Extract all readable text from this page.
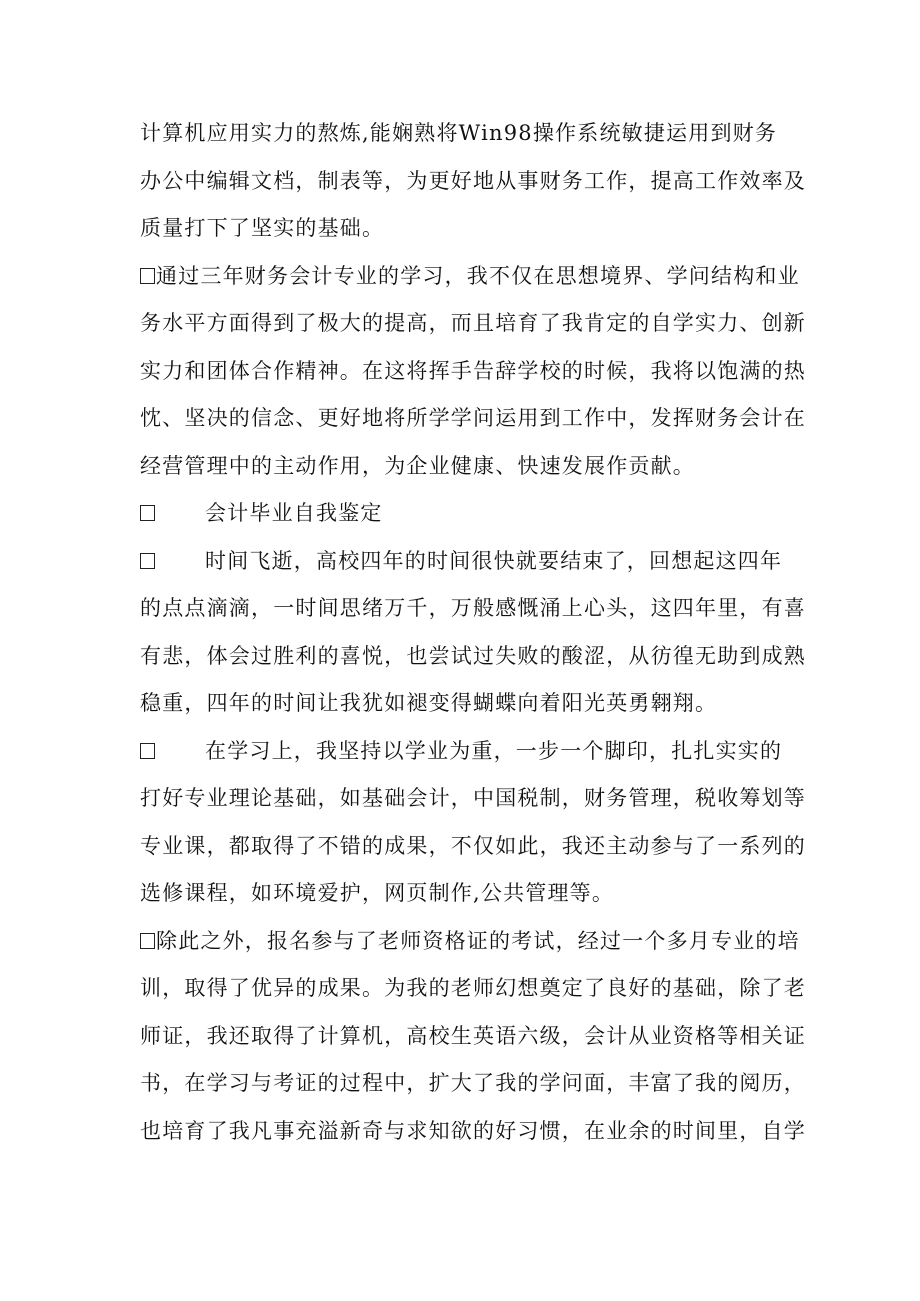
计算机应用实力的熬炼,能娴熟将Win98操作系统敏捷运用到财务
办公中编辑文档，制表等，为更好地从事财务工作，提高工作效率及
质量打下了坚实的基础。
通过三年财务会计专业的学习，我不仅在思想境界、学问结构和业
务水平方面得到了极大的提高，而且培育了我肯定的自学实力、创新
实力和团体合作精神。在这将挥手告辞学校的时候，我将以饱满的热
忱、坚决的信念、更好地将所学学问运用到工作中，发挥财务会计在
经营管理中的主动作用，为企业健康、快速发展作贡献。
会计毕业自我鉴定
时间飞逝，高校四年的时间很快就要结束了，回想起这四年
的点点滴滴，一时间思绪万千，万般感慨涌上心头，这四年里，有喜
有悲，体会过胜利的喜悦，也尝试过失败的酸涩，从彷徨无助到成熟
稳重，四年的时间让我犹如褪变得蝴蝶向着阳光英勇翱翔。
在学习上，我坚持以学业为重，一步一个脚印，扎扎实实的
打好专业理论基础，如基础会计，中国税制，财务管理，税收筹划等
专业课，都取得了不错的成果，不仅如此，我还主动参与了一系列的
选修课程，如环境爱护，网页制作,公共管理等。
除此之外，报名参与了老师资格证的考试，经过一个多月专业的培
训，取得了优异的成果。为我的老师幻想奠定了良好的基础，除了老
师证，我还取得了计算机，高校生英语六级，会计从业资格等相关证
书，在学习与考证的过程中，扩大了我的学问面，丰富了我的阅历，
也培育了我凡事充溢新奇与求知欲的好习惯，在业余的时间里，自学
